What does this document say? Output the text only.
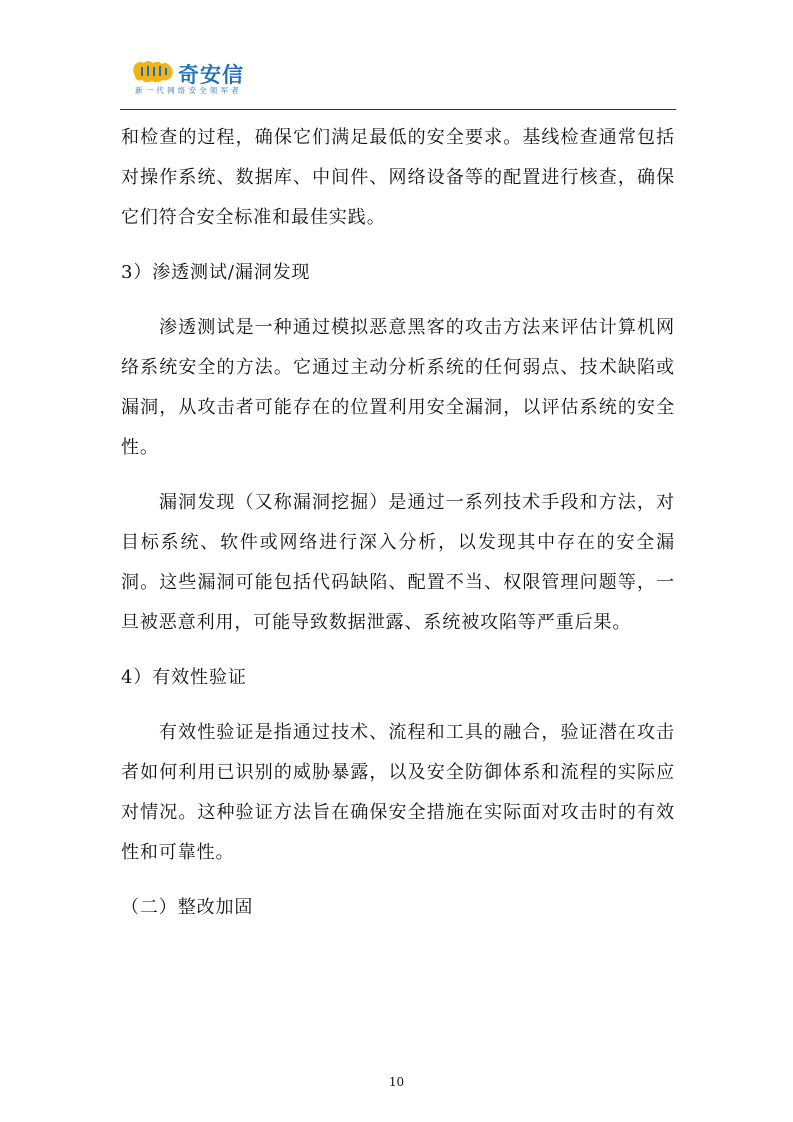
奇安信
新一代网络安全领军者

和检查的过程，确保它们满足最低的安全要求。基线检查通常包括对操作系统、数据库、中间件、网络设备等的配置进行核查，确保它们符合安全标准和最佳实践。

3）渗透测试/漏洞发现

渗透测试是一种通过模拟恶意黑客的攻击方法来评估计算机网络系统安全的方法。它通过主动分析系统的任何弱点、技术缺陷或漏洞，从攻击者可能存在的位置利用安全漏洞，以评估系统的安全性。

漏洞发现（又称漏洞挖掘）是通过一系列技术手段和方法，对目标系统、软件或网络进行深入分析，以发现其中存在的安全漏洞。这些漏洞可能包括代码缺陷、配置不当、权限管理问题等，一旦被恶意利用，可能导致数据泄露、系统被攻陷等严重后果。

4）有效性验证

有效性验证是指通过技术、流程和工具的融合，验证潜在攻击者如何利用已识别的威胁暴露，以及安全防御体系和流程的实际应对情况。这种验证方法旨在确保安全措施在实际面对攻击时的有效性和可靠性。

（二）整改加固

10
